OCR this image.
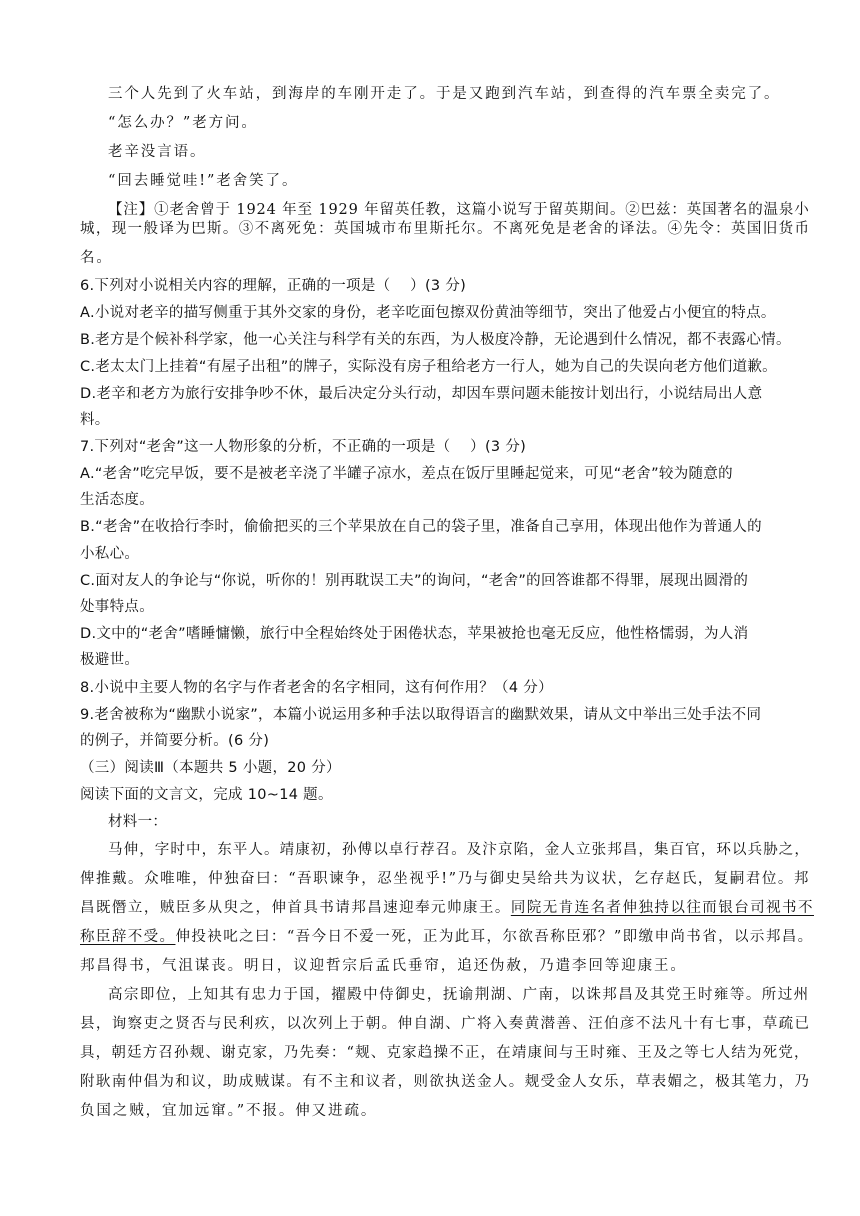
三个人先到了火车站，到海岸的车刚开走了。于是又跑到汽车站，到查得的汽车票全卖完了。
“怎么办？”老方问。
老辛没言语。
“回去睡觉哇!”老舍笑了。
【注】①老舍曾于 1924 年至 1929 年留英任教，这篇小说写于留英期间。②巴兹：英国著名的温泉小
城，现一般译为巴斯。③不离死免：英国城市布里斯托尔。不离死免是老舍的译法。④先令：英国旧货币
名。
6.下列对小说相关内容的理解，正确的一项是（　 ）(3 分)
A.小说对老辛的描写侧重于其外交家的身份，老辛吃面包擦双份黄油等细节，突出了他爱占小便宜的特点。
B.老方是个候补科学家，他一心关注与科学有关的东西，为人极度冷静，无论遇到什么情况，都不表露心情。
C.老太太门上挂着“有屋子出租”的牌子，实际没有房子租给老方一行人，她为自己的失误向老方他们道歉。
D.老辛和老方为旅行安排争吵不休，最后决定分头行动，却因车票问题未能按计划出行，小说结局出人意
料。
7.下列对“老舍”这一人物形象的分析，不正确的一项是（　 ）(3 分)
A.“老舍”吃完早饭，要不是被老辛浇了半罐子凉水，差点在饭厅里睡起觉来，可见“老舍”较为随意的
生活态度。
B.“老舍”在收拾行李时，偷偷把买的三个苹果放在自己的袋子里，准备自己享用，体现出他作为普通人的
小私心。
C.面对友人的争论与“你说，听你的！别再耽误工夫”的询问，“老舍”的回答谁都不得罪，展现出圆滑的
处事特点。
D.文中的“老舍”嗜睡慵懒，旅行中全程始终处于困倦状态，苹果被抢也毫无反应，他性格懦弱，为人消
极避世。
8.小说中主要人物的名字与作者老舍的名字相同，这有何作用？（4 分）
9.老舍被称为“幽默小说家”，本篇小说运用多种手法以取得语言的幽默效果，请从文中举出三处手法不同
的例子，并简要分析。(6 分)
（三）阅读Ⅲ（本题共 5 小题，20 分）
阅读下面的文言文，完成 10~14 题。
材料一：
马伸，字时中，东平人。靖康初，孙傅以卓行荐召。及汴京陷，金人立张邦昌，集百官，环以兵胁之，
俾推戴。众唯唯，仲独奋曰：“吾职谏争，忍坐视乎!”乃与御史吴给共为议状，乞存赵氏，复嗣君位。邦
昌既僭立，贼臣多从臾之，伸首具书请邦昌速迎奉元帅康王。同院无肯连名者伸独持以往而银台司视书不
称臣辞不受。伸投袂叱之曰：“吾今日不爱一死，正为此耳，尔欲吾称臣邪？”即缴申尚书省，以示邦昌。
邦昌得书，气沮谋丧。明日，议迎哲宗后孟氏垂帘，追还伪赦，乃遣李回等迎康王。
高宗即位，上知其有忠力于国，擢殿中侍御史，抚谕荆湖、广南，以诛邦昌及其党王时雍等。所过州
县，询察吏之贤否与民利疚，以次列上于朝。伸自湖、广将入奏黄潜善、汪伯彦不法凡十有七事，草疏已
具，朝廷方召孙觌、谢克家，乃先奏：“觌、克家趋操不正，在靖康间与王时雍、王及之等七人结为死党，
附耿南仲倡为和议，助成贼谋。有不主和议者，则欲执送金人。觌受金人女乐，草表媚之，极其笔力，乃
负国之贼，宜加远窜。”不报。伸又进疏。
